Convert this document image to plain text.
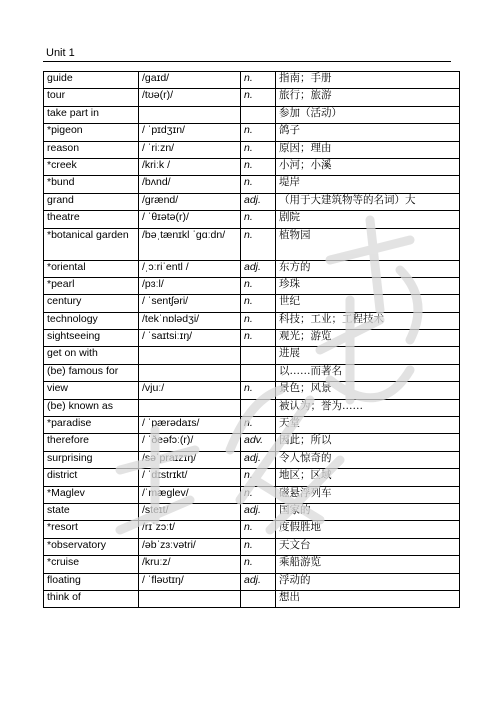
Unit 1
guide	/ɡaɪd/	n.	指南；手册
tour	/tʊə(r)/	n.	旅行；旅游
take part in			参加（活动）
*pigeon	/ ˈpɪdʒɪn/	n.	鸽子
reason	/ ˈriːzn/	n.	原因；理由
*creek	/kriːk /	n.	小河；小溪
*bund	/bʌnd/	n.	堤岸
grand	/ɡrænd/	adj.	（用于大建筑物等的名词）大
theatre	/ ˈθɪətə(r)/	n.	剧院
*botanical garden	/bəˌtænɪkl ˈɡɑːdn/	n.	植物园
*oriental	/ˌɔːriˈentl /	adj.	东方的
*pearl	/pɜːl/	n.	珍珠
century	/ ˈsentʃəri/	n.	世纪
technology	/tekˈnɒlədʒi/	n.	科技；工业；工程技术
sightseeing	/ ˈsaɪtsiːɪŋ/	n.	观光；游览
get on with			进展
(be) famous for			以……而著名
view	/vjuː/	n.	景色；风景
(be) known as			被认为；誉为……
*paradise	/ ˈpærədaɪs/	n.	天堂
therefore	/ ˈðeəfɔː(r)/	adv.	因此；所以
surprising	/səˈpraɪzɪŋ/	adj.	令人惊奇的
district	/ ˈdɪstrɪkt/	n.	地区；区域
*Maglev	/ˈmæɡlev/	n.	磁悬浮列车
state	/steɪt/	adj.	国家的
*resort	/rɪˈzɔːt/	n.	度假胜地
*observatory	/əbˈzɜːvətri/	n.	天文台
*cruise	/kruːz/	n.	乘船游览
floating	/ ˈfləʊtɪŋ/	adj.	浮动的
think of			想出
